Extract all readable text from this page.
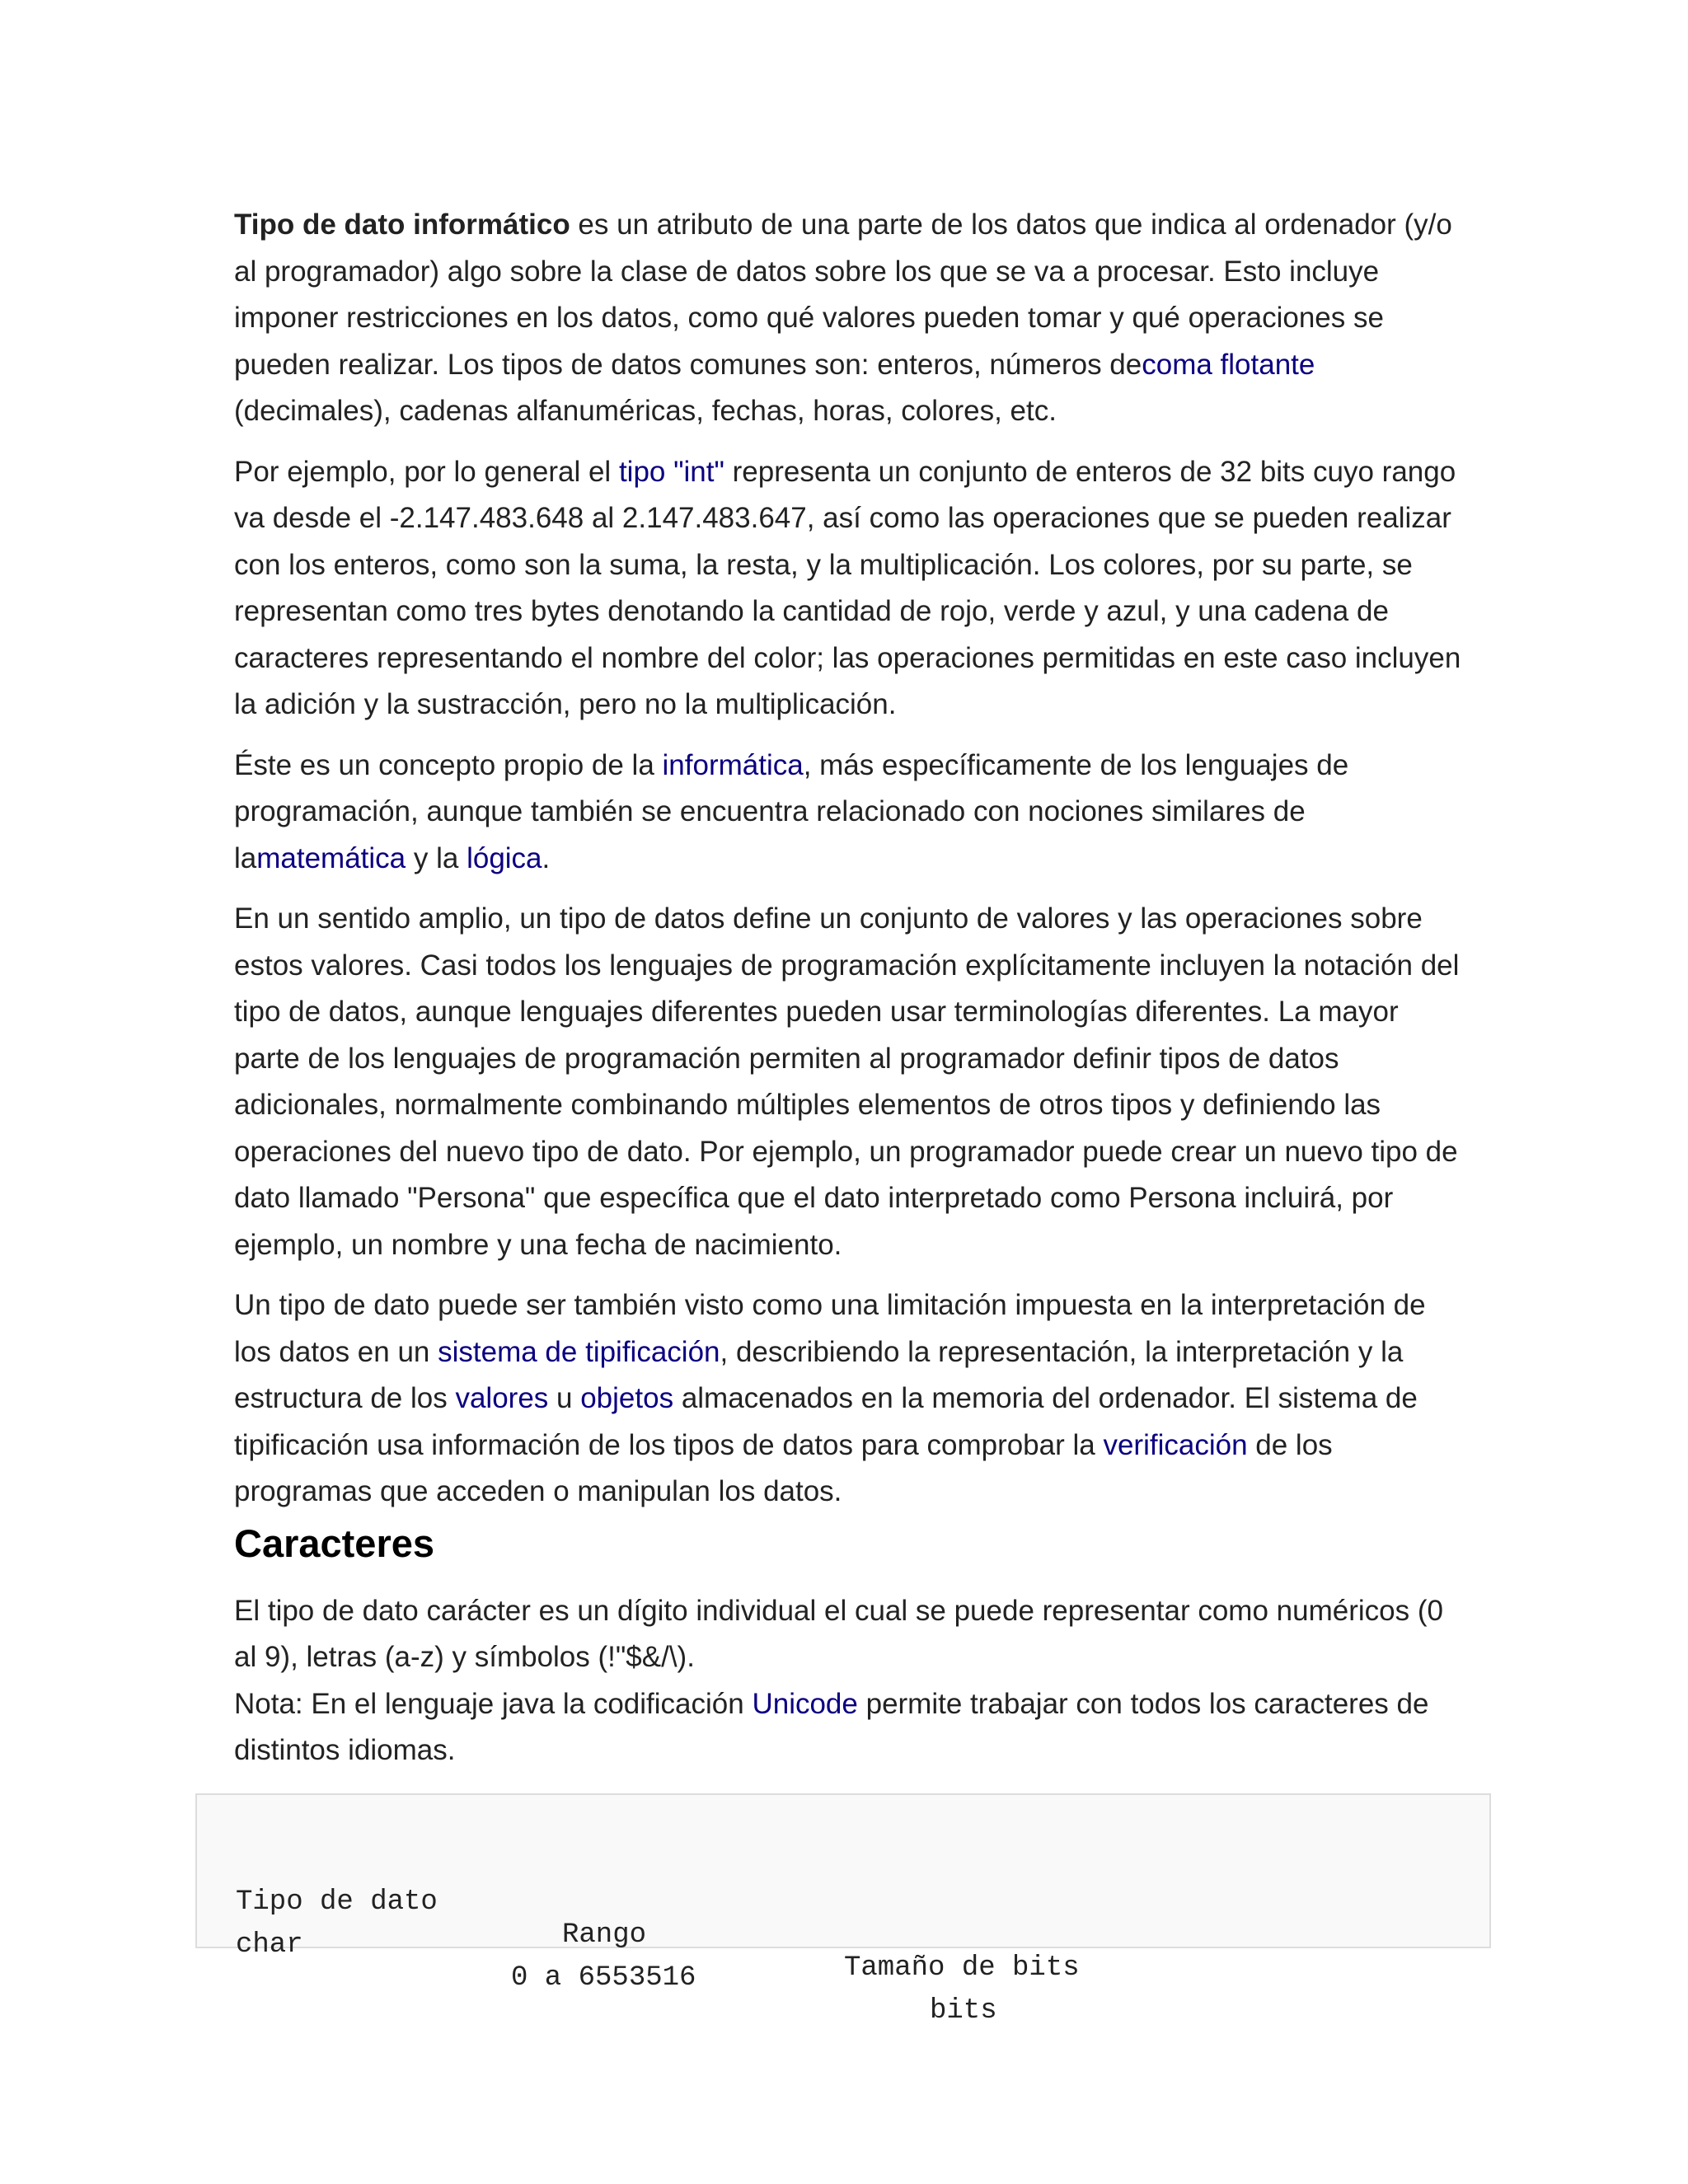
Tipo de dato informático es un atributo de una parte de los datos que indica al ordenador (y/o al programador) algo sobre la clase de datos sobre los que se va a procesar. Esto incluye imponer restricciones en los datos, como qué valores pueden tomar y qué operaciones se pueden realizar. Los tipos de datos comunes son: enteros, números decoma flotante (decimales), cadenas alfanuméricas, fechas, horas, colores, etc.

Por ejemplo, por lo general el tipo "int" representa un conjunto de enteros de 32 bits cuyo rango va desde el -2.147.483.648 al 2.147.483.647, así como las operaciones que se pueden realizar con los enteros, como son la suma, la resta, y la multiplicación. Los colores, por su parte, se representan como tres bytes denotando la cantidad de rojo, verde y azul, y una cadena de caracteres representando el nombre del color; las operaciones permitidas en este caso incluyen la adición y la sustracción, pero no la multiplicación.

Éste es un concepto propio de la informática, más específicamente de los lenguajes de programación, aunque también se encuentra relacionado con nociones similares de lamatemática y la lógica.

En un sentido amplio, un tipo de datos define un conjunto de valores y las operaciones sobre estos valores. Casi todos los lenguajes de programación explícitamente incluyen la notación del tipo de datos, aunque lenguajes diferentes pueden usar terminologías diferentes. La mayor parte de los lenguajes de programación permiten al programador definir tipos de datos adicionales, normalmente combinando múltiples elementos de otros tipos y definiendo las operaciones del nuevo tipo de dato. Por ejemplo, un programador puede crear un nuevo tipo de dato llamado "Persona" que específica que el dato interpretado como Persona incluirá, por ejemplo, un nombre y una fecha de nacimiento.

Un tipo de dato puede ser también visto como una limitación impuesta en la interpretación de los datos en un sistema de tipificación, describiendo la representación, la interpretación y la estructura de los valores u objetos almacenados en la memoria del ordenador. El sistema de tipificación usa información de los tipos de datos para comprobar la verificación de los programas que acceden o manipulan los datos.

Caracteres

El tipo de dato carácter es un dígito individual el cual se puede representar como numéricos (0 al 9), letras (a-z) y símbolos (!"$&/\).

Nota: En el lenguaje java la codificación Unicode permite trabajar con todos los caracteres de distintos idiomas.

Tipo de dato

Rango

Tamaño de bits

char

0 a 6553516

bits
